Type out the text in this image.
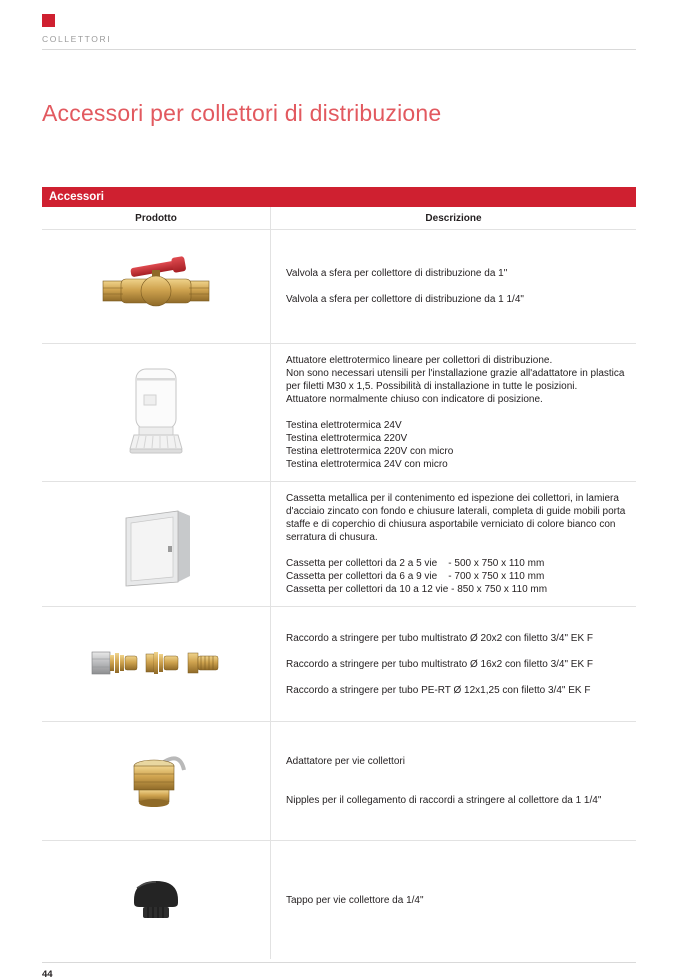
COLLETTORI
Accessori per collettori di distribuzione
Accessori
Prodotto	Descrizione
Valvola a sfera per collettore di distribuzione da 1"
Valvola a sfera per collettore di distribuzione da 1 1/4"
Attuatore elettrotermico lineare per collettori di distribuzione.
Non sono necessari utensili per l'installazione grazie all'adattatore in plastica per filetti M30 x 1,5. Possibilità di installazione in tutte le posizioni.
Attuatore normalmente chiuso con indicatore di posizione.
Testina elettrotermica 24V
Testina elettrotermica 220V
Testina elettrotermica 220V con micro
Testina elettrotermica 24V con micro
Cassetta metallica per il contenimento ed ispezione dei collettori, in lamiera d'acciaio zincato con fondo e chiusure laterali, completa di guide mobili porta staffe e di coperchio di chiusura asportabile verniciato di colore bianco con serratura di chusura.
Cassetta per collettori da 2 a 5 vie    - 500 x 750 x 110 mm
Cassetta per collettori da 6 a 9 vie    - 700 x 750 x 110 mm
Cassetta per collettori da 10 a 12 vie - 850 x 750 x 110 mm
Raccordo a stringere per tubo multistrato Ø 20x2 con filetto 3/4" EK F
Raccordo a stringere per tubo multistrato Ø 16x2 con filetto 3/4" EK F
Raccordo a stringere per tubo PE-RT Ø 12x1,25 con filetto 3/4" EK F
Adattatore per vie collettori
Nipples per il collegamento di raccordi a stringere al collettore da 1 1/4"
Tappo per vie collettore da 1/4"
44
